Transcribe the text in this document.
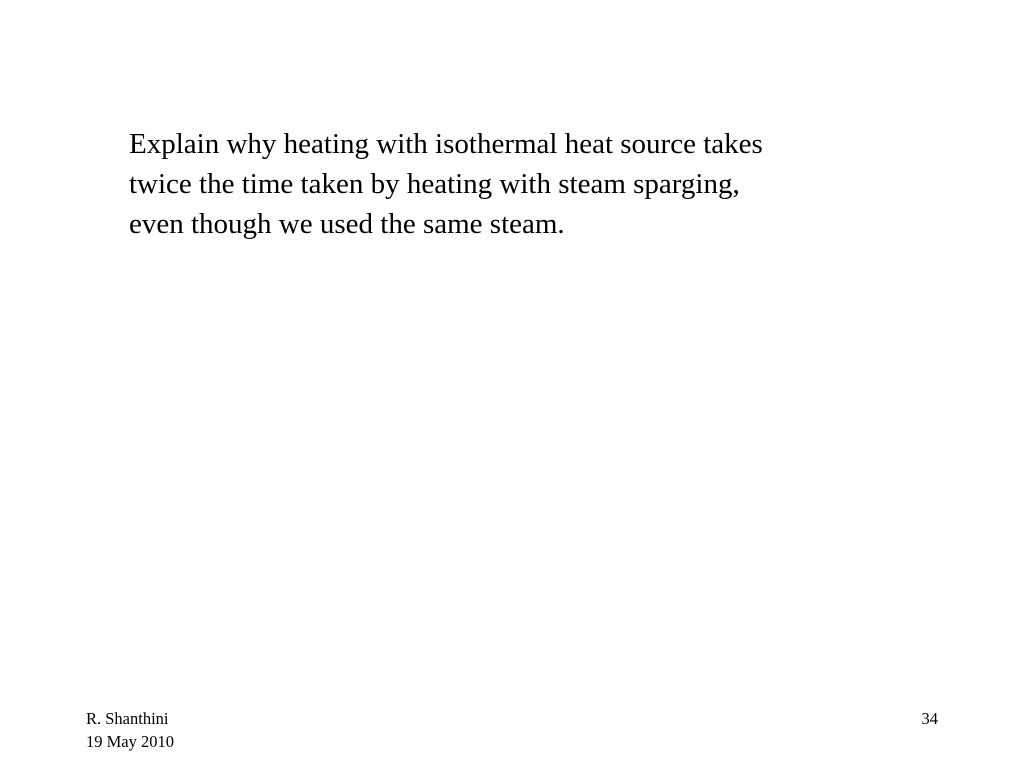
Explain why heating with isothermal heat source takes
twice the time taken by heating with steam sparging,
even though we used the same steam.

R. Shanthini
19 May 2010
34
